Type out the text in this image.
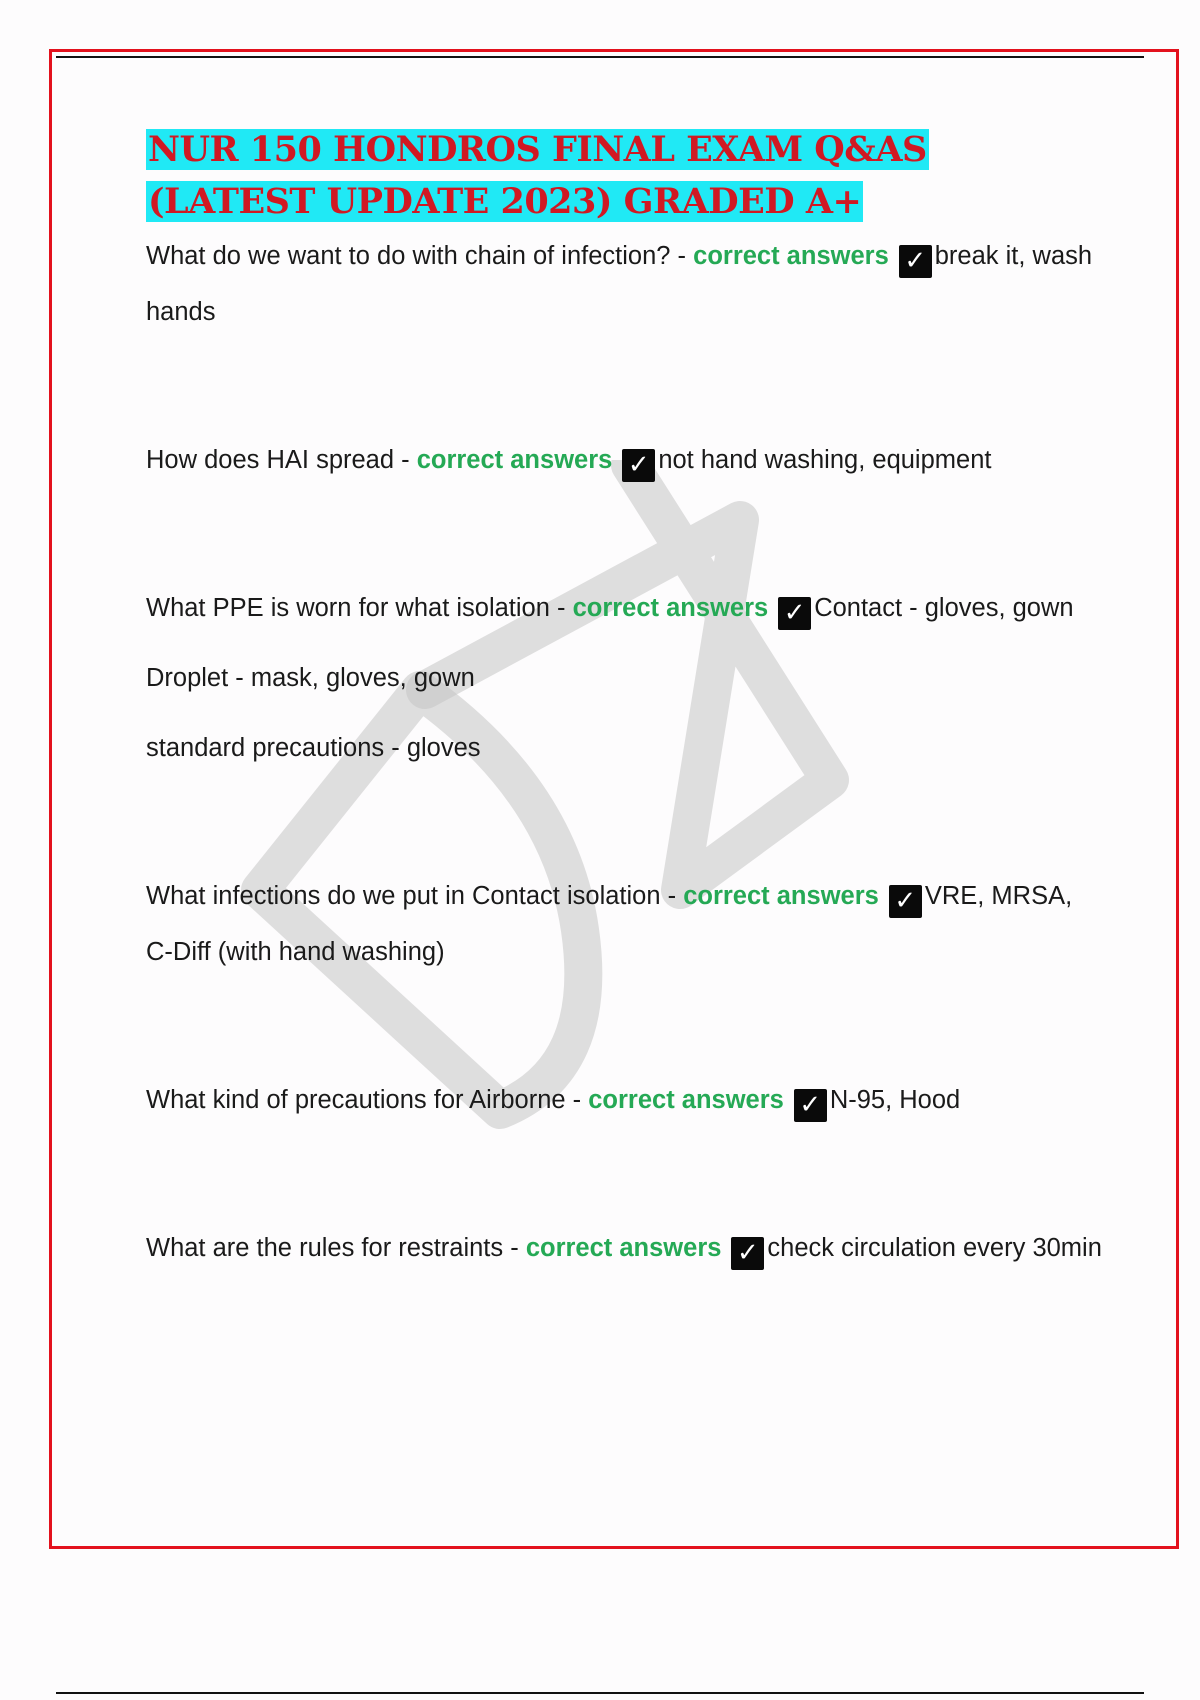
NUR 150 HONDROS FINAL EXAM Q&AS (LATEST UPDATE 2023) GRADED A+

What do we want to do with chain of infection? - correct answers ✓ break it, wash hands

How does HAI spread - correct answers ✓ not hand washing, equipment

What PPE is worn for what isolation - correct answers ✓ Contact - gloves, gown

Droplet - mask, gloves, gown

standard precautions - gloves

What infections do we put in Contact isolation - correct answers ✓ VRE, MRSA, C-Diff (with hand washing)

What kind of precautions for Airborne - correct answers ✓ N-95, Hood

What are the rules for restraints - correct answers ✓ check circulation every 30min
